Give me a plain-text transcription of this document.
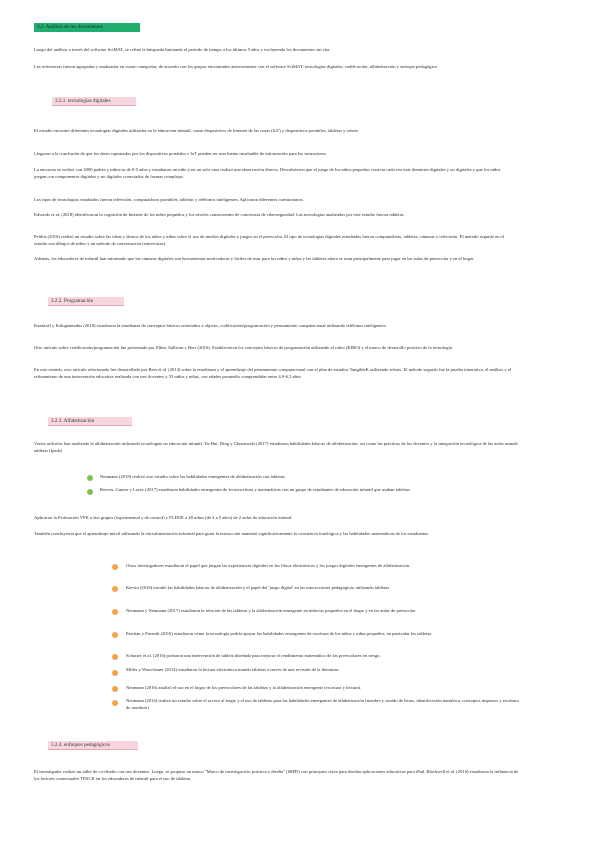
3.2. Análisis de los documentos

Luego del análisis a través del software SciMAT, se refinó la búsqueda limitando el período de tiempo a los últimos 5 años y excluyendo los documentos sin cita

Las referencias fueron agrupadas y analizadas en cuatro categorías, de acuerdo con los grupos encontrados anteriormente con el software SciMAT: tecnologías digitales, codificación, alfabetización y enfoque pedagógico.

3.2.1. tecnologías digitales

El estudio encontró diferentes tecnologías digitales utilizadas en la educación infantil, como dispositivos de Internet de las cosas (IoT) y dispositivos portátiles, tabletas y robots.

Llegaron a la conclusión de que los datos capturados por los dispositivos portátiles e IoT pueden ser una fuente invaluable de información para los instructores.

La encuesta se realizó con 2000 padres y niños/as de 0-5 años y estudiaron un niño y en un solo caso realizó una observación directa. Descubrieron que el juego de los niños pequeños conecta cada vez más dominios digitales y no digitales y que los niños juegan con componentes digitales y no digitales conectados de formas complejas.

Los tipos de tecnologías estudiados fueron televisión, computadoras portátiles, tabletas y teléfonos inteligentes. Aplicaron diferentes cuestionarios.

Edwards et al. (2018) identificaron la cognición de Internet de los niños pequeños y los niveles consecuentes de conciencia de ciberseguridad. Las tecnologías analizadas por este estudio fueron tabletas.

Pelikis (2016) realizó un estudio sobre las ideas y deseos de los niños y niñas sobre el uso de medios digitales y juegos en el preescolar. El tipo de tecnologías digitales estudiadas fueron computadoras, tabletas, cámaras y televisión. El método seguido en el estudio son dibujos de niños y un método de conversación (entrevistas).

Además, los educadores de infantil han informado que las cámaras digitales son herramientas motivadoras y fáciles de usar para los niños y niñas y las tabletas ahora se usan principalmente para jugar en las aulas de preescolar y en el hogar

3.2.2. Programación

Kazakoff y Kalogiannakis (2018) estudiaron la enseñanza de conceptos básicos orientados a objetos, codificación/programación y pensamiento computacional utilizando teléfonos inteligentes.

Otro artículo sobre codificación/programación fue presentado por Elkin, Sullivan y Bers (2016). Establecieron los conceptos básicos de programación utilizando el robot (KIBO) y el marco de desarrollo positivo de la tecnología.

En este sentido, otro artículo relacionado fue desarrollado por Bers et al. (2014) sobre la enseñanza y el aprendizaje del pensamiento computacional con el plan de estudios TangibleK utilizando robots. El método seguido fue la prueba itinerativa, el análisis y el refinamiento de una intervención educativa realizada con tres docentes y 53 niños y niñas, con edades promedio comprendidas entre 4,9-6,5 años

3.2.3. Alfabetización

Varios artículos han analizado la alfabetización utilizando tecnologías en educación infantil. Yu-Hui, Ding y Gluszewski (2017) estudiaron habilidades básicas de alfabetización, así como las prácticas de los docentes y la integración tecnológica de las aulas usando tabletas (Ipads)

Neumann (2018) realizó otro estudio sobre las habilidades emergentes de alfabetización con tabletas
Reeves, Gunter y Lacey (2017) estudiaron habilidades emergentes de lectoescritura y matemáticas con un grupo de estudiantes de educación infantil que usaban tabletas.

Aplicaron la Evaluación VPK a dos grupos (experimental y de control) y FLDOE a 28 niños (de 4 a 5 años) de 2 aulas de educación infantil.

También concluyeron que el aprendizaje móvil utilizando la retroalimentación informal para guiar la instrucción aumentó significativamente la conciencia fonológica y las habilidades matemáticas de los estudiantes.

Otros investigadores estudiaron el papel que juegan las experiencias digitales en los libros electrónicos y los juegos digitales emergentes de alfabetización.
Kervin (2016) estudió las habilidades básicas de alfabetización y el papel del 'juego digital' en las interacciones pedagógicas utilizando tabletas.
Neumann y Neumann (2017) estudiaron la relación de las tabletas y la alfabetización emergente en niños/as pequeños en el hogar y en las aulas de preescolar
Patchan y Puranik (2016) estudiaron cómo la tecnología podría apoyar las habilidades emergentes de escritura de los niños y niñas pequeños, en particular las tabletas.
Schacter et al. (2016) probaron una intervención de tableta diseñada para mejorar el rendimiento matemático de los preescolares en riesgo.
Miller y Warschauer (2014) estudiaron la lectura electrónica usando tabletas a través de una revisión de la literatura.
Neumann (2016) analizó el uso en el hogar de los preescolares de las tabletas y la alfabetización emergente (escritura y lectura).
Neumann (2014) realizó un estudio sobre el acceso al hogar y el uso de tabletas para las habilidades emergentes de alfabetización (nombre y sonido de letras, identificación numérica, conceptos impresos y escritura de nombres)
3.2.4. enfoques pedagógicos

El investigador realizó un taller de co-diseño con tres docentes. Luego, se propuso un marco "Marco de investigación, práctica y diseño" (fRPD) con principios clave para diseñar aplicaciones educativas para iPad. Blackwell et al. (2016) estudiaron la influencia de los factores contextuales TPACK en los educadores de infantil para el uso de tabletas.
